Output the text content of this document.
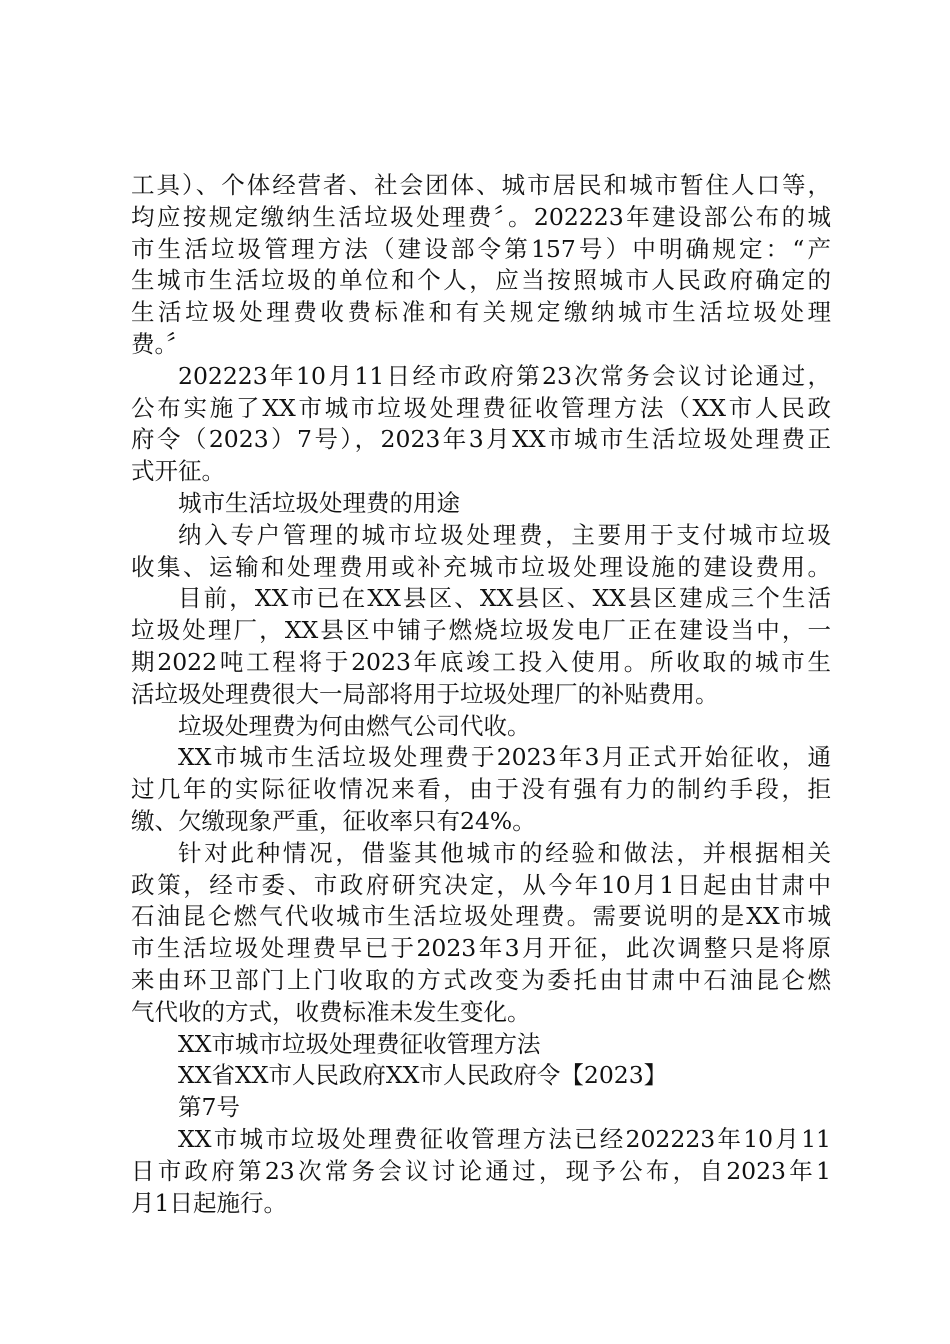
工具）、个体经营者、社会团体、城市居民和城市暂住人口等，
均应按规定缴纳生活垃圾处理费〞。202223年建设部公布的城
市生活垃圾管理方法（建设部令第157号）中明确规定：“产
生城市生活垃圾的单位和个人，应当按照城市人民政府确定的
生活垃圾处理费收费标准和有关规定缴纳城市生活垃圾处理
费。〞
202223年10月11日经市政府第23次常务会议讨论通过，
公布实施了XX市城市垃圾处理费征收管理方法（XX市人民政
府令（2023）7号），2023年3月XX市城市生活垃圾处理费正
式开征。
城市生活垃圾处理费的用途
纳入专户管理的城市垃圾处理费，主要用于支付城市垃圾
收集、运输和处理费用或补充城市垃圾处理设施的建设费用。
目前，XX市已在XX县区、XX县区、XX县区建成三个生活
垃圾处理厂，XX县区中铺子燃烧垃圾发电厂正在建设当中，一
期2022吨工程将于2023年底竣工投入使用。所收取的城市生
活垃圾处理费很大一局部将用于垃圾处理厂的补贴费用。
垃圾处理费为何由燃气公司代收。
XX市城市生活垃圾处理费于2023年3月正式开始征收，通
过几年的实际征收情况来看，由于没有强有力的制约手段，拒
缴、欠缴现象严重，征收率只有24%。
针对此种情况，借鉴其他城市的经验和做法，并根据相关
政策，经市委、市政府研究决定，从今年10月1日起由甘肃中
石油昆仑燃气代收城市生活垃圾处理费。需要说明的是XX市城
市生活垃圾处理费早已于2023年3月开征，此次调整只是将原
来由环卫部门上门收取的方式改变为委托由甘肃中石油昆仑燃
气代收的方式，收费标准未发生变化。
XX市城市垃圾处理费征收管理方法
XX省XX市人民政府XX市人民政府令【2023】
第7号
XX市城市垃圾处理费征收管理方法已经202223年10月11
日市政府第23次常务会议讨论通过，现予公布，自2023年1
月1日起施行。
